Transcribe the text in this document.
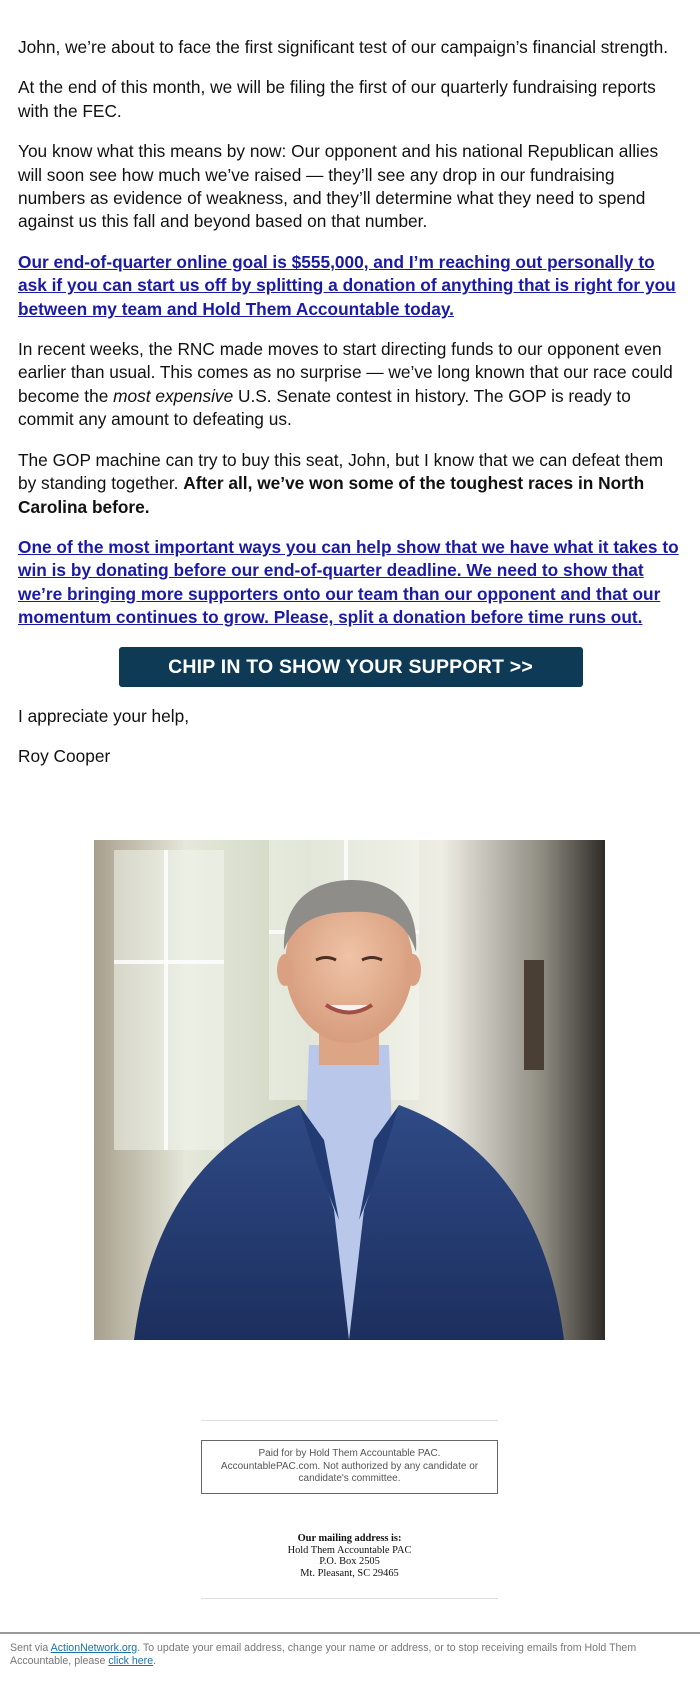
John, we’re about to face the first significant test of our campaign’s financial strength.

At the end of this month, we will be filing the first of our quarterly fundraising reports with the FEC.

You know what this means by now: Our opponent and his national Republican allies will soon see how much we’ve raised — they’ll see any drop in our fundraising numbers as evidence of weakness, and they’ll determine what they need to spend against us this fall and beyond based on that number.

Our end-of-quarter online goal is $555,000, and I’m reaching out personally to ask if you can start us off by splitting a donation of anything that is right for you between my team and Hold Them Accountable today.

In recent weeks, the RNC made moves to start directing funds to our opponent even earlier than usual. This comes as no surprise — we’ve long known that our race could become the most expensive U.S. Senate contest in history. The GOP is ready to commit any amount to defeating us.

The GOP machine can try to buy this seat, John, but I know that we can defeat them by standing together. After all, we’ve won some of the toughest races in North Carolina before.

One of the most important ways you can help show that we have what it takes to win is by donating before our end-of-quarter deadline. We need to show that we’re bringing more supporters onto our team than our opponent and that our momentum continues to grow. Please, split a donation before time runs out.

CHIP IN TO SHOW YOUR SUPPORT >>

I appreciate your help,

Roy Cooper

Paid for by Hold Them Accountable PAC. AccountablePAC.com. Not authorized by any candidate or candidate's committee.
Our mailing address is:
Hold Them Accountable PAC
P.O. Box 2505
Mt. Pleasant, SC 29465
Sent via ActionNetwork.org. To update your email address, change your name or address, or to stop receiving emails from Hold Them Accountable, please click here.
